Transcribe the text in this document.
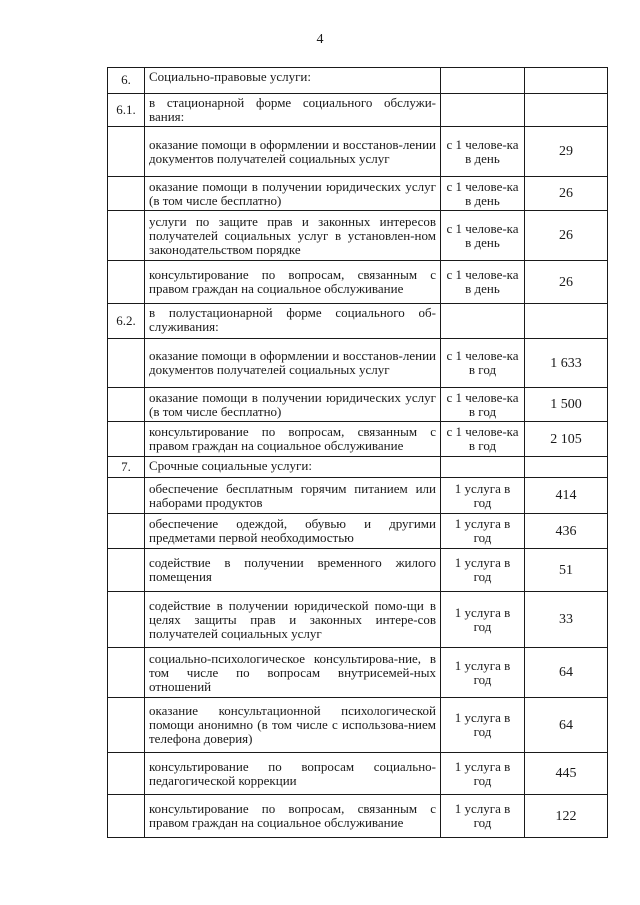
4
6.	Социально-правовые услуги:		
6.1.	в стационарной форме социального обслужи-вания:		
	оказание помощи в оформлении и восстанов-лении документов получателей социальных услуг	с 1 челове-ка в день	29
	оказание помощи в получении юридических услуг (в том числе бесплатно)	с 1 челове-ка в день	26
	услуги по защите прав и законных интересов получателей социальных услуг в установлен-ном законодательством порядке	с 1 челове-ка в день	26
	консультирование по вопросам, связанным с правом граждан на социальное обслуживание	с 1 челове-ка в день	26
6.2.	в полустационарной форме социального об-служивания:		
	оказание помощи в оформлении и восстанов-лении документов получателей социальных услуг	с 1 челове-ка в год	1 633
	оказание помощи в получении юридических услуг (в том числе бесплатно)	с 1 челове-ка в год	1 500
	консультирование по вопросам, связанным с правом граждан на социальное обслуживание	с 1 челове-ка в год	2 105
7.	Срочные социальные услуги:		
	обеспечение бесплатным горячим питанием или наборами продуктов	1 услуга в год	414
	обеспечение одеждой, обувью и другими предметами первой необходимостью	1 услуга в год	436
	содействие в получении временного жилого помещения	1 услуга в год	51
	содействие в получении юридической помо-щи в целях защиты прав и законных интере-сов получателей социальных услуг	1 услуга в год	33
	социально-психологическое консультирова-ние, в том числе по вопросам внутрисемей-ных отношений	1 услуга в год	64
	оказание консультационной психологической помощи анонимно (в том числе с использова-нием телефона доверия)	1 услуга в год	64
	консультирование по вопросам социально-педагогической коррекции	1 услуга в год	445
	консультирование по вопросам, связанным с правом граждан на социальное обслуживание	1 услуга в год	122
